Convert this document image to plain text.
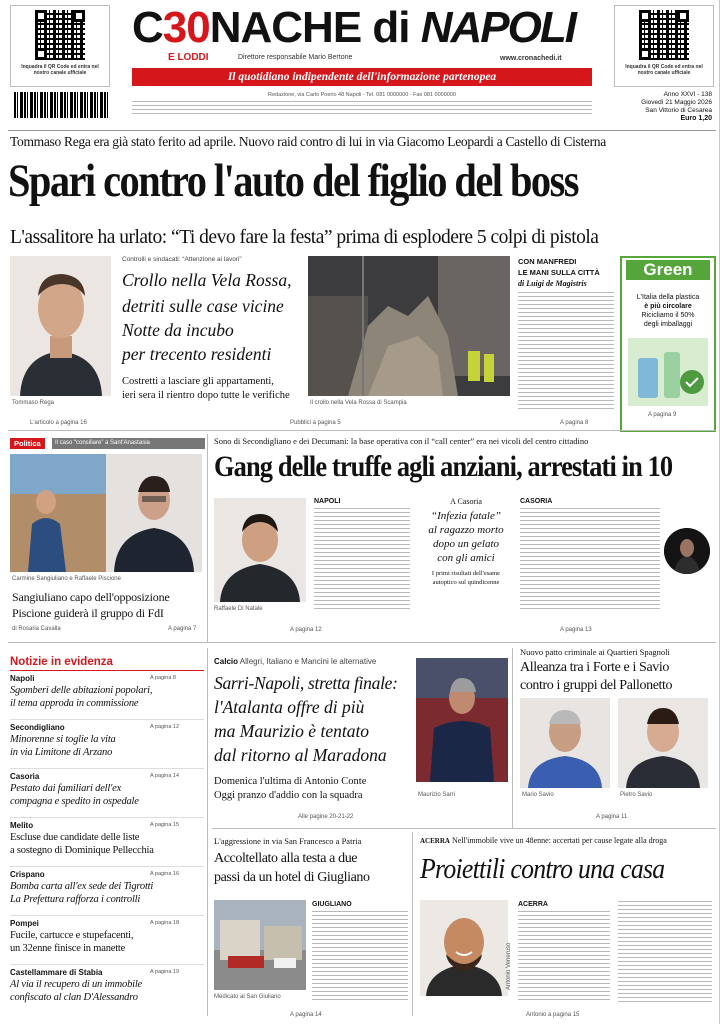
Inquadra il QR Code ed entra nel nostro canale ufficiale
Inquadra il QR Code ed entra nel nostro canale ufficiale
C30NACHE di NAPOLI
E LODDI	Direttore responsabile Mario Bertone	www.cronachedi.it
Il quotidiano indipendente dell'informazione partenopea
Redazione, via Carlo Poerio 48 Napoli - Tel. 081 0000000 - Fax 081 0000000	Anno XXVI - 138
Giovedì 21 Maggio 2026
San Vittorio di Cesarea
Euro 1,20
Tommaso Rega era già stato ferito ad aprile. Nuovo raid contro di lui in via Giacomo Leopardi a Castello di Cisterna
Spari contro l'auto del figlio del boss
L'assalitore ha urlato: “Ti devo fare la festa” prima di esplodere 5 colpi di pistola
Tommaso Rega
L'articolo a pagina 16
Controlli e sindacati: “Attenzione ai lavori”
Crollo nella Vela Rossa,
detriti sulle case vicine
Notte da incubo
per trecento residenti
Costretti a lasciare gli appartamenti,
ieri sera il rientro dopo tutte le verifiche
Il crollo nella Vela Rossa di Scampia
Pubblici a pagina 5
CON MANFREDI
LE MANI SULLA CITTÀ
di Luigi de Magistris
A pagina 8
Green
L'Italia della plastica
è più circolare
Ricicliamo il 50%
degli imballaggi
A pagina 9
Politica	Il caso “consiliare” a Sant'Anastasia
Carmine Sangiuliano e Raffaele Piscione
Sangiuliano capo dell'opposizione
Piscione guiderà il gruppo di FdI
di Rosaria Cavalla	A pagina 7
Sono di Secondigliano e dei Decumani: la base operativa con il “call center” era nei vicoli del centro cittadino
Gang delle truffe agli anziani, arrestati in 10
Raffaele Di Natale
NAPOLI
A pagina 12
A Casoria
“Infezia fatale”
al ragazzo morto
dopo un gelato
con gli amici
I primi risultati dell'esame
autoptico sul quindicenne
CASORIA
A pagina 13
Notizie in evidenza
Napoli	A pagina 8
Sgomberi delle abitazioni popolari,
il tema approda in commissione
Secondigliano	A pagina 12
Minorenne si toglie la vita
in via Limitone di Arzano
Casoria	A pagina 14
Pestato dai familiari dell'ex
compagna e spedito in ospedale
Melito	A pagina 15
Escluse due candidate delle liste
a sostegno di Dominique Pellecchia
Crispano	A pagina 16
Bomba carta all'ex sede dei Tigrotti
La Prefettura rafforza i controlli
Pompei	A pagina 18
Fucile, cartucce e stupefacenti,
un 32enne finisce in manette
Castellammare di Stabia	A pagina 19
Al via il recupero di un immobile
confiscato al clan D'Alessandro
Calcio Allegri, Italiano e Mancini le alternative
Sarri-Napoli, stretta finale:
l'Atalanta offre di più
ma Maurizio è tentato
dal ritorno al Maradona
Domenica l'ultima di Antonio Conte
Oggi pranzo d'addio con la squadra	Maurizio Sarri
Alle pagine 20-21-22
Nuovo patto criminale ai Quartieri Spagnoli
Alleanza tra i Forte e i Savio
contro i gruppi del Pallonetto
Mario Savio	Pietro Savio
A pagina 11
L'aggressione in via San Francesco a Patria
Accoltellato alla testa a due
passi da un hotel di Giugliano
Medicato al San Giuliano
GIUGLIANO
A pagina 14
ACERRA Nell'immobile vive un 48enne: accertati per cause legate alla droga
Proiettili contro una casa
Antonio Veneruso
ACERRA
Antonio a pagina 15
